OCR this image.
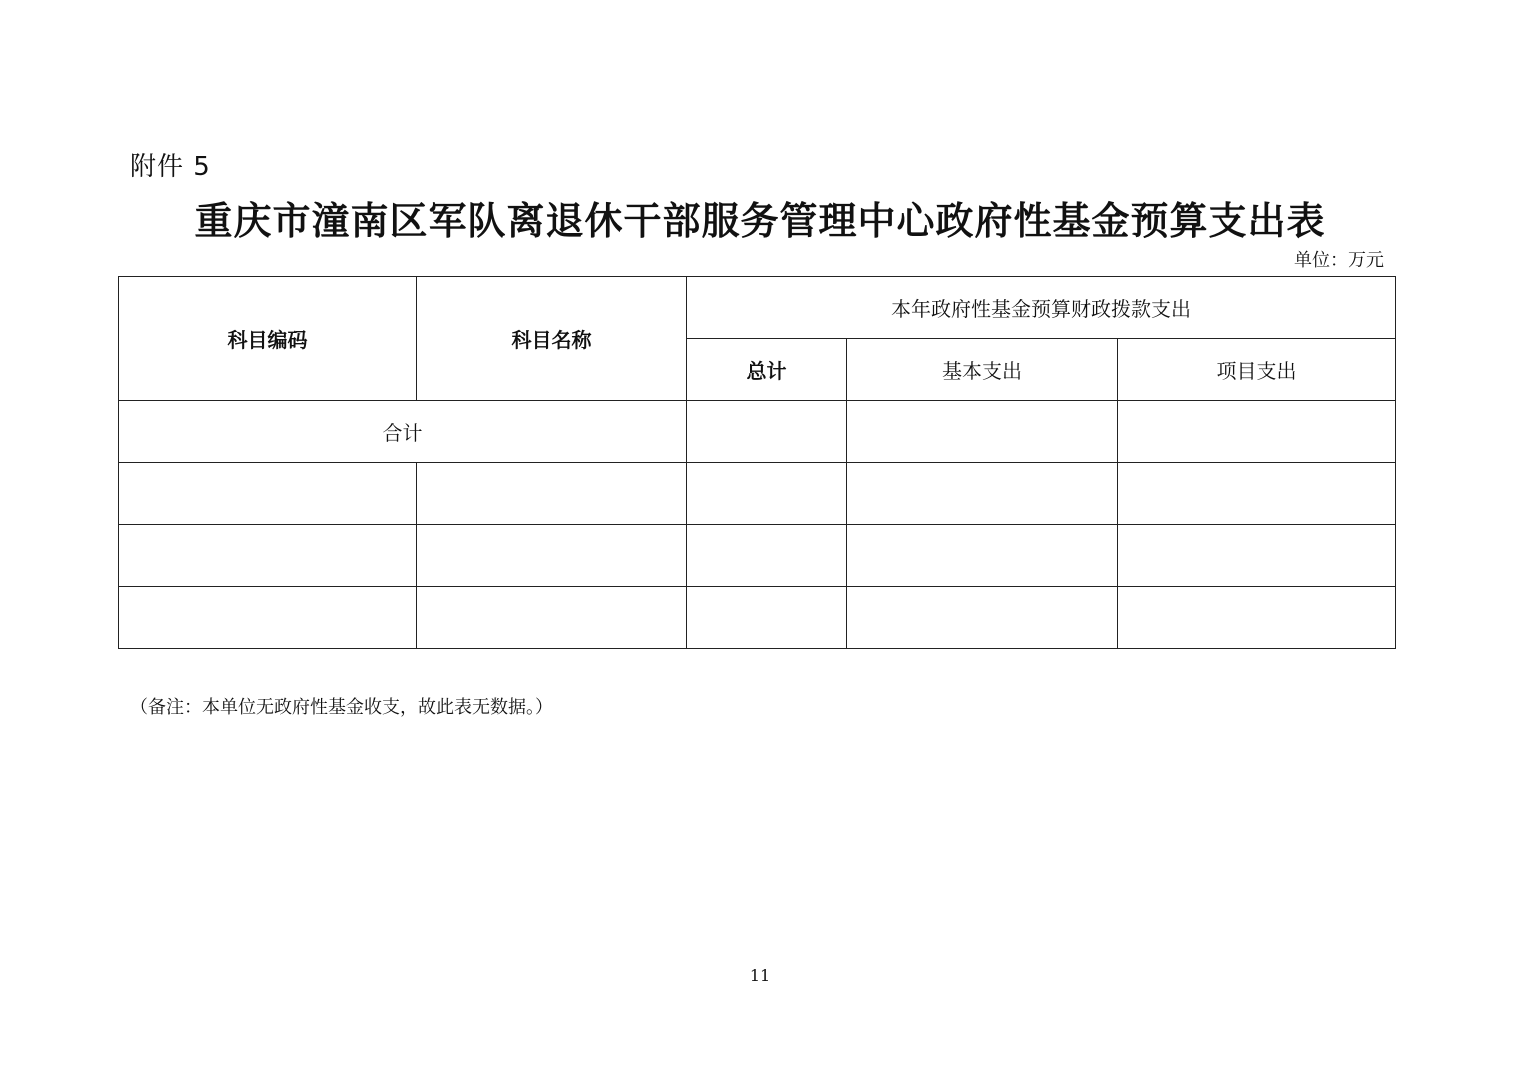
附件 5
重庆市潼南区军队离退休干部服务管理中心政府性基金预算支出表
单位：万元
科目编码	科目名称	本年政府性基金预算财政拨款支出		
		总计	基本支出	项目支出
合计				

（备注：本单位无政府性基金收支，故此表无数据。）
11
